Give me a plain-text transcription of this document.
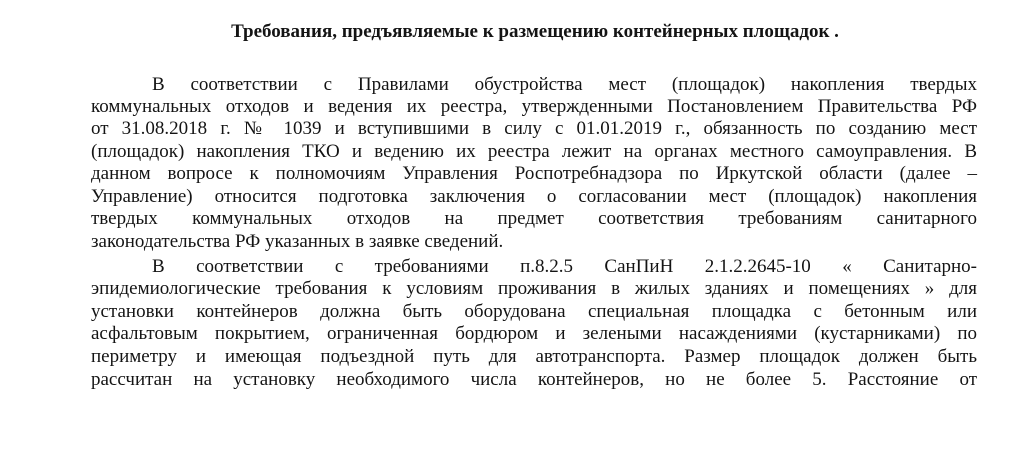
Требования, предъявляемые к размещению контейнерных площадок .
В соответствии с Правилами обустройства мест (площадок) накопления твердых
коммунальных отходов и ведения их реестра, утвержденными Постановлением Правительства РФ
от 31.08.2018 г. № 1039 и вступившими в силу с 01.01.2019 г., обязанность по созданию мест
(площадок) накопления ТКО и ведению их реестра лежит на органах местного самоуправления. В
данном вопросе к полномочиям Управления Роспотребнадзора по Иркутской области (далее –
Управление) относится подготовка заключения о согласовании мест (площадок) накопления
твердых коммунальных отходов на предмет соответствия требованиям санитарного
законодательства РФ указанных в заявке сведений.
В соответствии с требованиями п.8.2.5 СанПиН 2.1.2.2645-10 « Санитарно-
эпидемиологические требования к условиям проживания в жилых зданиях и помещениях » для
установки контейнеров должна быть оборудована специальная площадка с бетонным или
асфальтовым покрытием, ограниченная бордюром и зелеными насаждениями (кустарниками) по
периметру и имеющая подъездной путь для автотранспорта. Размер площадок должен быть
рассчитан на установку необходимого числа контейнеров, но не более 5. Расстояние от
